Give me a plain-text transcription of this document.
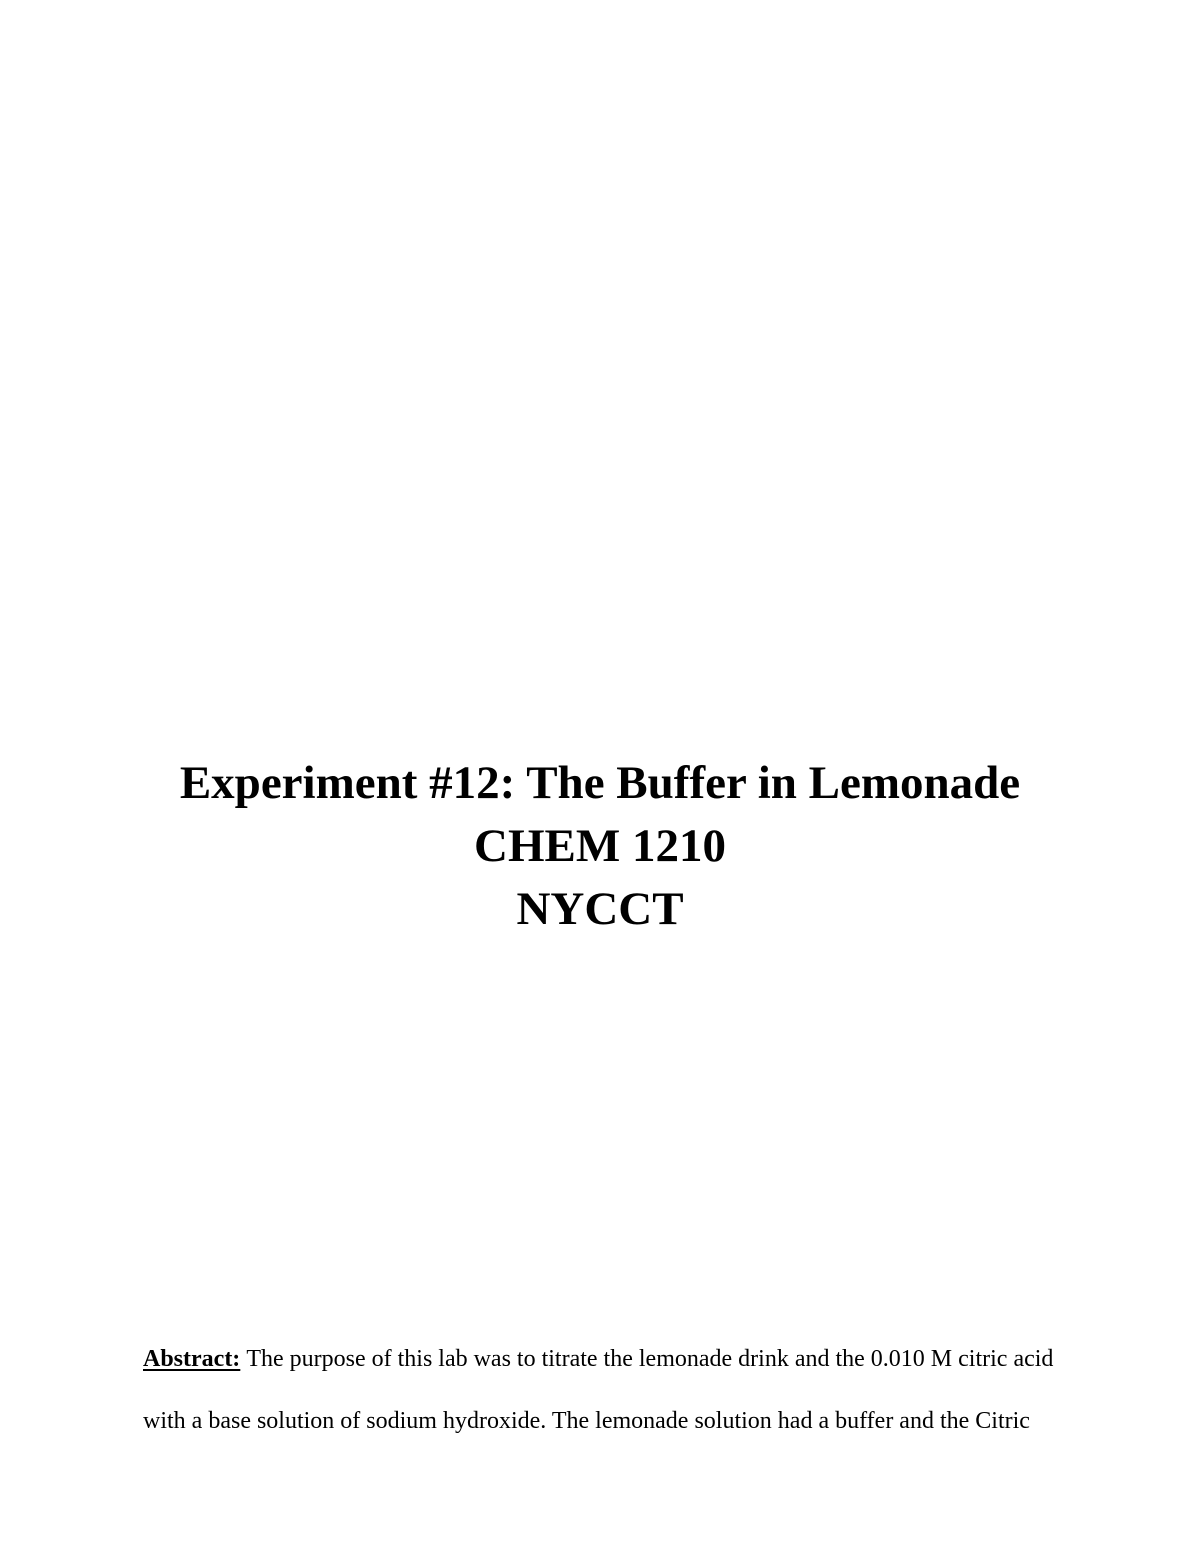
Experiment #12: The Buffer in Lemonade
CHEM 1210
NYCCT

Abstract: The purpose of this lab was to titrate the lemonade drink and the 0.010 M citric acid
with a base solution of sodium hydroxide. The lemonade solution had a buffer and the Citric
